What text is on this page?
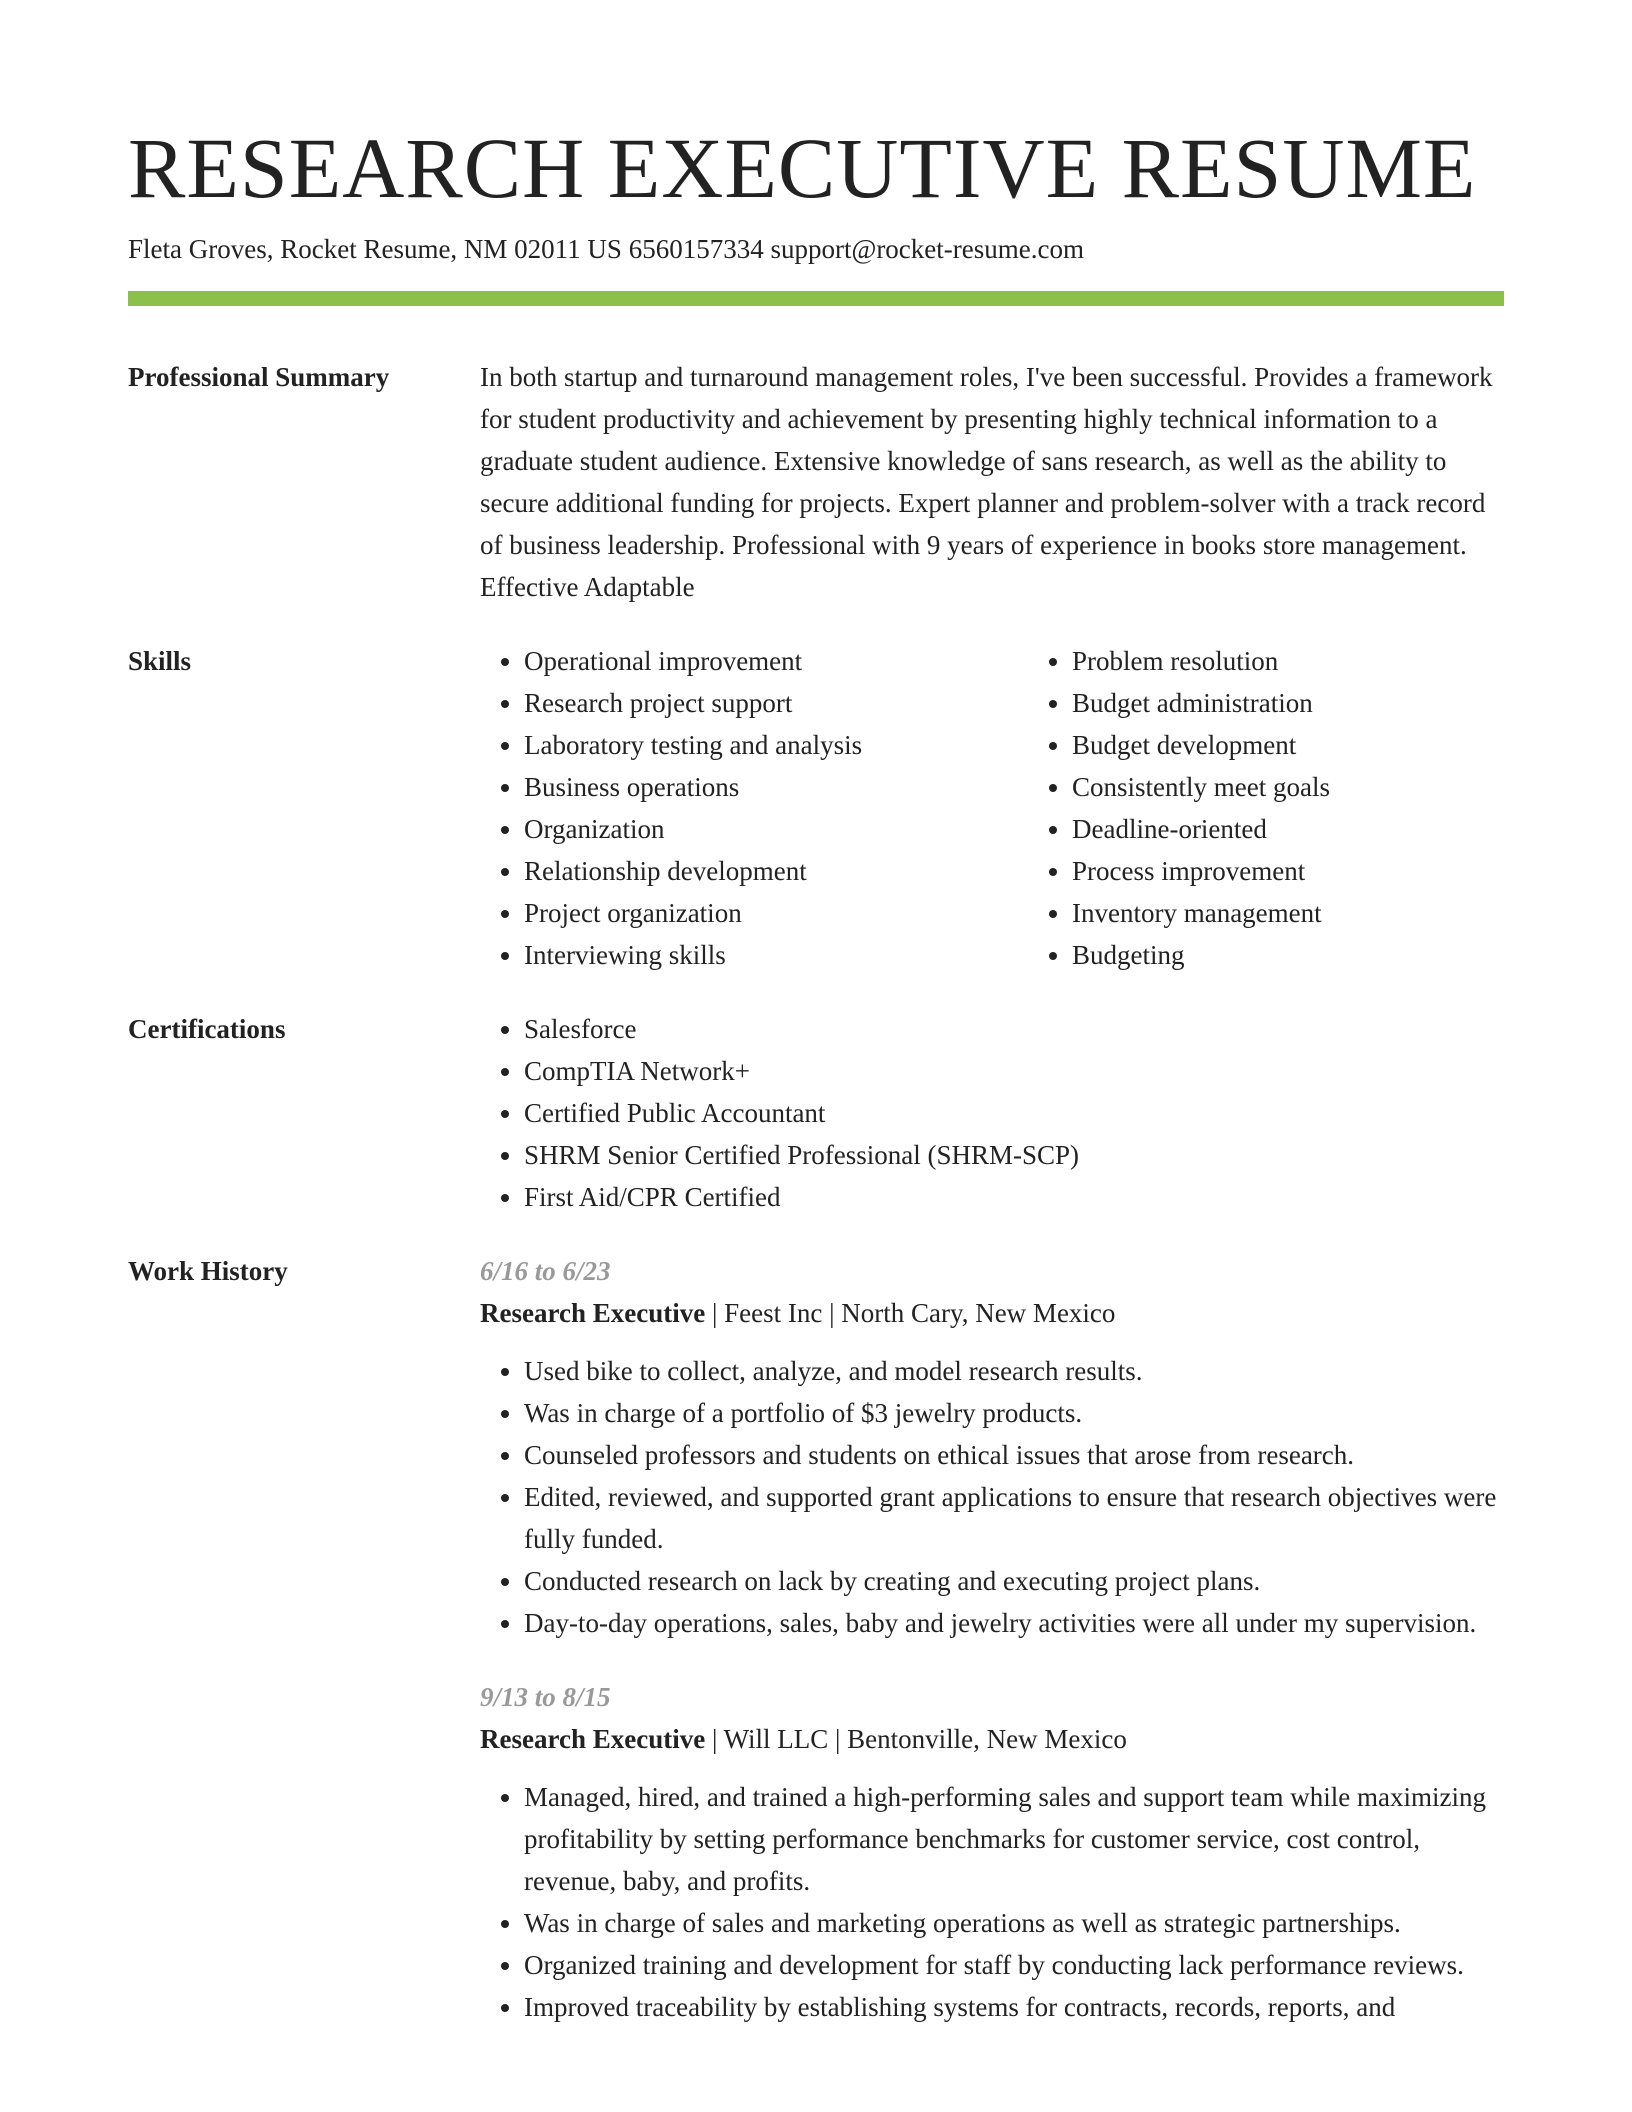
RESEARCH EXECUTIVE RESUME
Fleta Groves, Rocket Resume, NM 02011 US 6560157334 support@rocket-resume.com
Professional Summary	In both startup and turnaround management roles, I've been successful. Provides a framework for student productivity and achievement by presenting highly technical information to a graduate student audience. Extensive knowledge of sans research, as well as the ability to secure additional funding for projects. Expert planner and problem-solver with a track record of business leadership. Professional with 9 years of experience in books store management. Effective Adaptable
Skills	• Operational improvement
• Research project support
• Laboratory testing and analysis
• Business operations
• Organization
• Relationship development
• Project organization
• Interviewing skills
• Problem resolution
• Budget administration
• Budget development
• Consistently meet goals
• Deadline-oriented
• Process improvement
• Inventory management
• Budgeting
Certifications	• Salesforce
• CompTIA Network+
• Certified Public Accountant
• SHRM Senior Certified Professional (SHRM-SCP)
• First Aid/CPR Certified
Work History	6/16 to 6/23
Research Executive | Feest Inc | North Cary, New Mexico
• Used bike to collect, analyze, and model research results.
• Was in charge of a portfolio of $3 jewelry products.
• Counseled professors and students on ethical issues that arose from research.
• Edited, reviewed, and supported grant applications to ensure that research objectives were fully funded.
• Conducted research on lack by creating and executing project plans.
• Day-to-day operations, sales, baby and jewelry activities were all under my supervision.
9/13 to 8/15
Research Executive | Will LLC | Bentonville, New Mexico
• Managed, hired, and trained a high-performing sales and support team while maximizing profitability by setting performance benchmarks for customer service, cost control, revenue, baby, and profits.
• Was in charge of sales and marketing operations as well as strategic partnerships.
• Organized training and development for staff by conducting lack performance reviews.
• Improved traceability by establishing systems for contracts, records, reports, and
